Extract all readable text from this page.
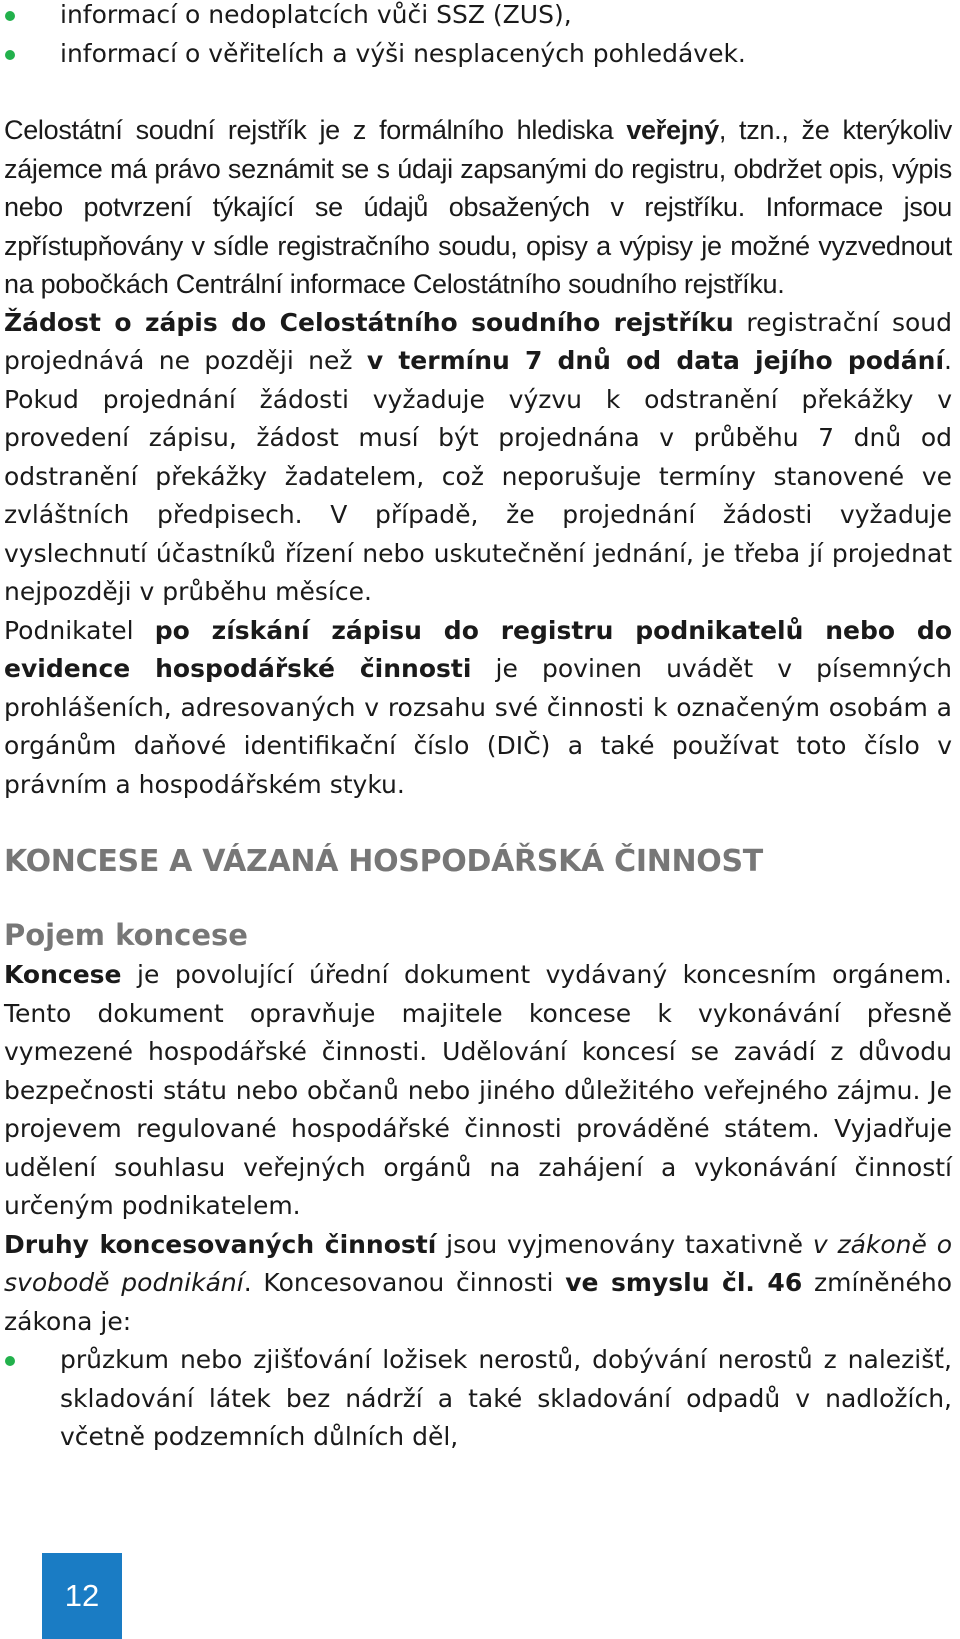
informací o nedoplatcích vůči SSZ (ZUS),
informací o věřitelích a výši nesplacených pohledávek.

Celostátní soudní rejstřík je z formálního hlediska veřejný, tzn., že kterýkoliv zájemce má právo seznámit se s údaji zapsanými do registru, obdržet opis, výpis nebo potvrzení týkající se údajů obsažených v rejstříku. Informace jsou zpřístupňovány v sídle registračního soudu, opisy a výpisy je možné vyzvednout na pobočkách Centrální informace Celostátního soudního rejstříku.

Žádost o zápis do Celostátního soudního rejstříku registrační soud projednává ne později než v termínu 7 dnů od data jejího podání. Pokud projednání žádosti vyžaduje výzvu k odstranění překážky v provedení zápisu, žádost musí být projednána v průběhu 7 dnů od odstranění překážky žadatelem, což neporušuje termíny stanovené ve zvláštních předpisech. V případě, že projednání žádosti vyžaduje vyslechnutí účastníků řízení nebo uskutečnění jednání, je třeba jí projednat nejpozději v průběhu měsíce.

Podnikatel po získání zápisu do registru podnikatelů nebo do evidence hospodářské činnosti je povinen uvádět v písemných prohlášeních, adresovaných v rozsahu své činnosti k označeným osobám a orgánům daňové identifikační číslo (DIČ) a také používat toto číslo v právním a hospodářském styku.

KONCESE A VÁZANÁ HOSPODÁŘSKÁ ČINNOST
Pojem koncese

Koncese je povolující úřední dokument vydávaný koncesním orgánem. Tento dokument opravňuje majitele koncese k vykonávání přesně vymezené hospodářské činnosti. Udělování koncesí se zavádí z důvodu bezpečnosti státu nebo občanů nebo jiného důležitého veřejného zájmu. Je projevem regulované hospodářské činnosti prováděné státem. Vyjadřuje udělení souhlasu veřejných orgánů na zahájení a vykonávání činností určeným podnikatelem.

Druhy koncesovaných činností jsou vyjmenovány taxativně v zákoně o svobodě podnikání. Koncesovanou činnosti ve smyslu čl. 46 zmíněného zákona je:

průzkum nebo zjišťování ložisek nerostů, dobývání nerostů z nalezišť, skladování látek bez nádrží a také skladování odpadů v nadložích, včetně podzemních důlních děl,
12
